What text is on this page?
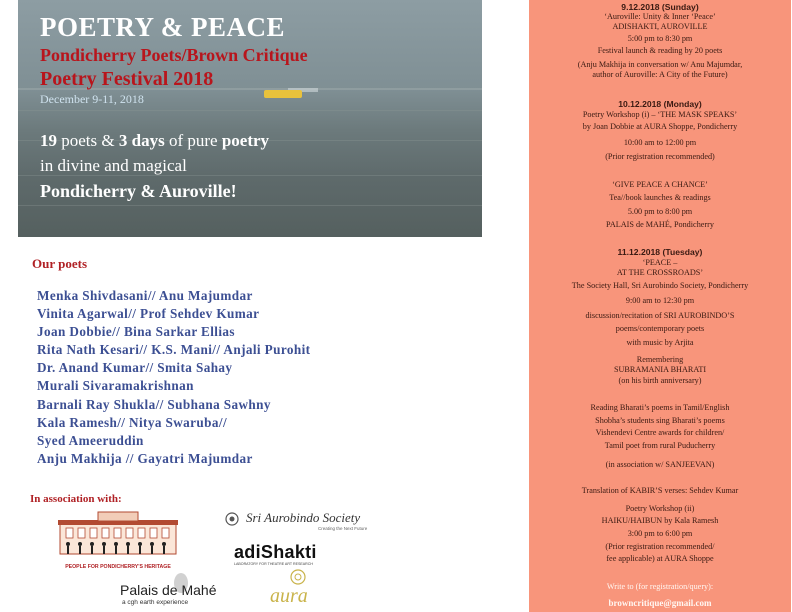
POETRY & PEACE
Pondicherry Poets/Brown Critique
Poetry Festival 2018
December 9-11, 2018
19 poets & 3 days of pure poetry
in divine and magical
Pondicherry & Auroville!
Our poets
Menka Shivdasani// Anu Majumdar
Vinita Agarwal// Prof Sehdev Kumar
Joan Dobbie// Bina Sarkar Ellias
Rita Nath Kesari// K.S. Mani// Anjali Purohit
Dr. Anand Kumar// Smita Sahay
Murali Sivaramakrishnan
Barnali Ray Shukla// Subhana Sawhny
Kala Ramesh// Nitya Swaruba//
Syed Ameeruddin
Anju Makhija // Gayatri Majumdar
In association with:
PEOPLE FOR PONDICHERRY'S HERITAGE
Sri Aurobindo Society
Creating the Next Future
adiShakti
LABORATORY FOR THEATRE ART RESEARCH
Palais de Mahé
a cgh earth experience	aura
9.12.2018 (Sunday)
‘Auroville: Unity & Inner ‘Peace’
ADISHAKTI, AUROVILLE
5:00 pm to 8:30 pm
Festival launch & reading by 20 poets
(Anju Makhija in conversation w/ Anu Majumdar,
author of Auroville: A City of the Future)
10.12.2018 (Monday)
Poetry Workshop (i) – ‘THE MASK SPEAKS’
by Joan Dobbie at AURA Shoppe, Pondicherry
10:00 am to 12:00 pm
(Prior registration recommended)
‘GIVE PEACE A CHANCE’
Tea//book launches & readings
5.00 pm to 8:00 pm
PALAIS de MAHÉ, Pondicherry
11.12.2018 (Tuesday)
‘PEACE –
AT THE CROSSROADS’
The Society Hall, Sri Aurobindo Society, Pondicherry
9:00 am to 12:30 pm
discussion/recitation of SRI AUROBINDO’S
poems/contemporary poets
with music by Arjita
Remembering
SUBRAMANIA BHARATI
(on his birth anniversary)
Reading Bharati’s poems in Tamil/English
Shobha’s students sing Bharati’s poems
Vishendevi Centre awards for children/
Tamil poet from rural Puducherry
(in association w/ SANJEEVAN)
Translation of KABIR’S verses: Sehdev Kumar
Poetry Workshop (ii)
HAIKU/HAIBUN by Kala Ramesh
3:00 pm to 6:00 pm
(Prior registration recommended/
fee applicable) at AURA Shoppe
Write to (for registration/query):
browncritique@gmail.com
